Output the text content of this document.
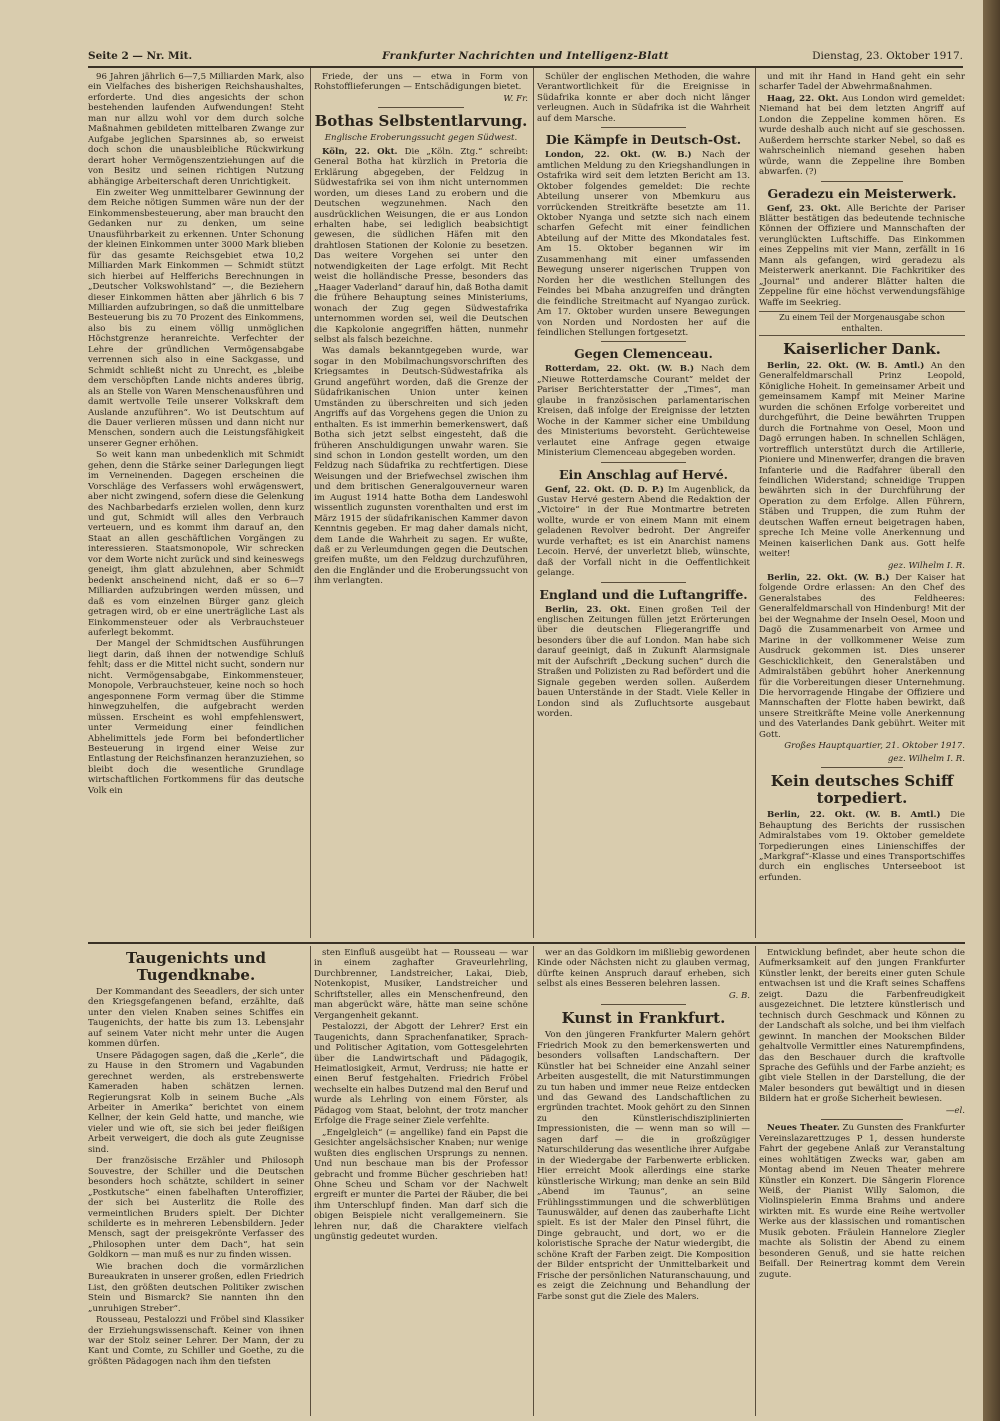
Seite 2 — Nr. Mit.	Frankfurter Nachrichten und Intelligenz-Blatt	Dienstag, 23. Oktober 1917.

96 Jahren jährlich 6—7,5 Milliarden Mark, also ein Vielfaches des bisherigen Reichshaushaltes, erforderte. Und dies angesichts der schon bestehenden laufenden Aufwendungen! Steht man nur allzu wohl vor dem durch solche Maßnahmen gebildeten mittelbaren Zwange zur Aufgabe jeglichen Sparsinnes ab, so erweist doch schon die unausbleibliche Rückwirkung derart hoher Vermögenszentziehungen auf die von Besitz und seinen richtigen Nutzung abhängige Arbeiterschaft deren Unrichtigkeit.

Ein zweiter Weg unmittelbarer Gewinnung der dem Reiche nötigen Summen wäre nun der der Einkommensbesteuerung, aber man braucht den Gedanken nur zu denken, um seine Unausführbarkeit zu erkennen. Unter Schonung der kleinen Einkommen unter 3000 Mark blieben für das gesamte Reichsgebiet etwa 10,2 Milliarden Mark Einkommen — Schmidt stützt sich hierbei auf Helfferichs Berechnungen in „Deutscher Volkswohlstand“ —, die Beziehern dieser Einkommen hätten aber jährlich 6 bis 7 Milliarden aufzubringen, so daß die unmittelbare Besteuerung bis zu 70 Prozent des Einkommens, also bis zu einem völlig unmöglichen Höchstgrenze heranreichte. Verfechter der Lehre der gründlichen Vermögensabgabe verrennen sich also in eine Sackgasse, und Schmidt schließt nicht zu Unrecht, es „bleibe dem verschöpften Lande nichts anderes übrig, als an Stelle von Waren Menschenausführen und damit wertvolle Teile unserer Volkskraft dem Auslande anzuführen“. Wo ist Deutschtum auf die Dauer verlieren müssen und dann nicht nur Menschen, sondern auch die Leistungsfähigkeit unserer Gegner erhöhen.

So weit kann man unbedenklich mit Schmidt gehen, denn die Stärke seiner Darlegungen liegt im Verneinenden. Dagegen erscheinen die Vorschläge des Verfassers wohl erwägenswert, aber nicht zwingend, sofern diese die Gelenkung des Nachbarbedarfs erzielen wollen, denn kurz und gut, Schmidt will alles den Verbrauch verteuern, und es kommt ihm darauf an, den Staat an allen geschäftlichen Vorgängen zu interessieren. Staatsmonopole, Wir schrecken vor dem Worte nicht zurück und sind keineswegs geneigt, ihm glatt abzulehnen, aber Schmidt bedenkt anscheinend nicht, daß er so 6—7 Milliarden aufzubringen werden müssen, und daß es vom einzelnen Bürger ganz gleich getragen wird, ob er eine unerträgliche Last als Einkommensteuer oder als Verbrauchsteuer auferlegt bekommt.

Der Mangel der Schmidtschen Ausführungen liegt darin, daß ihnen der notwendige Schluß fehlt; dass er die Mittel nicht sucht, sondern nur nicht. Vermögensabgabe, Einkommensteuer, Monopole, Verbrauchsteuer, keine noch so hoch angesponnene Form vermag über die Stimme hinwegzuhelfen, die aufgebracht werden müssen. Erscheint es wohl empfehlenswert, unter Vermeidung einer feindlichen Abhelimittels jede Form bei befondertlicher Besteuerung in irgend einer Weise zur Entlastung der Reichsfinanzen heranzuziehen, so bleibt doch die wesentliche Grundlage wirtschaftlichen Fortkommens für das deutsche Volk ein

Friede, der uns — etwa in Form von Rohstofflieferungen — Entschädigungen bietet.

W. Fr.
Bothas Selbstentlarvung.
Englische Eroberungssucht gegen Südwest.

Köln, 22. Okt. Die „Köln. Ztg.“ schreibt: General Botha hat kürzlich in Pretoria die Erklärung abgegeben, der Feldzug in Südwestafrika sei von ihm nicht unternommen worden, um dieses Land zu erobern und die Deutschen wegzunehmen. Nach den ausdrücklichen Weisungen, die er aus London erhalten habe, sei lediglich beabsichtigt gewesen, die südlichen Häfen mit den drahtlosen Stationen der Kolonie zu besetzen. Das weitere Vorgehen sei unter den notwendigkeiten der Lage erfolgt. Mit Recht weist die holländische Presse, besonders das „Haager Vaderland“ darauf hin, daß Botha damit die frühere Behauptung seines Ministeriums, wonach der Zug gegen Südwestafrika unternommen worden sei, weil die Deutschen die Kapkolonie angegriffen hätten, nunmehr selbst als falsch bezeichne.

Was damals bekanntgegeben wurde, war sogar in den Mobilmachungsvorschriften des Kriegsamtes in Deutsch-Südwestafrika als Grund angeführt worden, daß die Grenze der Südafrikanischen Union unter keinen Umständen zu überschreiten und sich jeden Angriffs auf das Vorgehens gegen die Union zu enthalten. Es ist immerhin bemerkenswert, daß Botha sich jetzt selbst eingesteht, daß die früheren Anschuldigungen unwahr waren. Sie sind schon in London gestellt worden, um den Feldzug nach Südafrika zu rechtfertigen. Diese Weisungen und der Briefwechsel zwischen ihm und dem britischen Generalgouverneur waren im August 1914 hatte Botha dem Landeswohl wissentlich zugunsten vorenthalten und erst im März 1915 der südafrikanischen Kammer davon Kenntnis gegeben. Er mag daher damals nicht, dem Lande die Wahrheit zu sagen. Er wußte, daß er zu Verleumdungen gegen die Deutschen greifen mußte, um den Feldzug durchzuführen, den die Engländer und die Eroberungssucht von ihm verlangten.

Schüler der englischen Methoden, die wahre Verantwortlichkeit für die Ereignisse in Südafrika konnte er aber doch nicht länger verleugnen. Auch in Südafrika ist die Wahrheit auf dem Marsche.

Die Kämpfe in Deutsch-Ost.

London, 22. Okt. (W. B.) Nach der amtlichen Meldung zu den Kriegshandlungen in Ostafrika wird seit dem letzten Bericht am 13. Oktober folgendes gemeldet: Die rechte Abteilung unserer von Mbemkuru aus vorrückenden Streitkräfte besetzte am 11. Oktober Nyanga und setzte sich nach einem scharfen Gefecht mit einer feindlichen Abteilung auf der Mitte des Mkondatales fest. Am 15. Oktober begannen wir im Zusammenhang mit einer umfassenden Bewegung unserer nigerischen Truppen von Norden her die westlichen Stellungen des Feindes bei Mbaha anzugreifen und drängten die feindliche Streitmacht auf Nyangao zurück. Am 17. Oktober wurden unsere Bewegungen von Norden und Nordosten her auf die feindlichen Stellungen fortgesetzt.

Gegen Clemenceau.

Rotterdam, 22. Okt. (W. B.) Nach dem „Nieuwe Rotterdamsche Courant“ meldet der Pariser Berichterstatter der „Times“, man glaube in französischen parlamentarischen Kreisen, daß infolge der Ereignisse der letzten Woche in der Kammer sicher eine Umbildung des Ministeriums bevorsteht. Gerüchteweise verlautet eine Anfrage gegen etwaige Ministerium Clemenceau abgegeben worden.

Ein Anschlag auf Hervé.

Genf, 22. Okt. (D. D. P.) Im Augenblick, da Gustav Hervé gestern Abend die Redaktion der „Victoire“ in der Rue Montmartre betreten wollte, wurde er von einem Mann mit einem geladenen Revolver bedroht. Der Angreifer wurde verhaftet; es ist ein Anarchist namens Lecoin. Hervé, der unverletzt blieb, wünschte, daß der Vorfall nicht in die Oeffentlichkeit gelange.

England und die Luftangriffe.

Berlin, 23. Okt. Einen großen Teil der englischen Zeitungen füllen jetzt Erörterungen über die deutschen Fliegerangriffe und besonders über die auf London. Man habe sich darauf geeinigt, daß in Zukunft Alarmsignale mit der Aufschrift „Deckung suchen“ durch die Straßen und Polizisten zu Rad befördert und die Signale gegeben werden sollen. Außerdem bauen Unterstände in der Stadt. Viele Keller in London sind als Zufluchtsorte ausgebaut worden.

und mit ihr Hand in Hand geht ein sehr scharfer Tadel der Abwehrmaßnahmen.

Haag, 22. Okt. Aus London wird gemeldet: Niemand hat bei dem letzten Angriff auf London die Zeppeline kommen hören. Es wurde deshalb auch nicht auf sie geschossen. Außerdem herrschte starker Nebel, so daß es wahrscheinlich niemand gesehen haben würde, wann die Zeppeline ihre Bomben abwarfen. (?)

Geradezu ein Meisterwerk.

Genf, 23. Okt. Alle Berichte der Pariser Blätter bestätigen das bedeutende technische Können der Offiziere und Mannschaften der verunglückten Luftschiffe. Das Einkommen eines Zeppelins mit vier Mann, zerfällt in 16 Mann als gefangen, wird geradezu als Meisterwerk anerkannt. Die Fachkritiker des „Journal“ und anderer Blätter halten die Zeppeline für eine höchst verwendungsfähige Waffe im Seekrieg.

Zu einem Teil der Morgenausgabe schon enthalten.
Kaiserlicher Dank.

Berlin, 22. Okt. (W. B. Amtl.) An den Generalfeldmarschall Prinz Leopold, Königliche Hoheit. In gemeinsamer Arbeit und gemeinsamem Kampf mit Meiner Marine wurden die schönen Erfolge vorbereitet und durchgeführt, die Deine bewährten Truppen durch die Fortnahme von Oesel, Moon und Dagö errungen haben. In schnellen Schlägen, vortrefflich unterstützt durch die Artillerie, Pioniere und Minenwerfer, drangen die braven Infanterie und die Radfahrer überall den feindlichen Widerstand; schneidige Truppen bewährten sich in der Durchführung der Operation zu dem Erfolge. Allen Führern, Stäben und Truppen, die zum Ruhm der deutschen Waffen erneut beigetragen haben, spreche Ich Meine volle Anerkennung und Meinen kaiserlichen Dank aus. Gott helfe weiter!

gez. Wilhelm I. R.

Berlin, 22. Okt. (W. B.) Der Kaiser hat folgende Ordre erlassen: An den Chef des Generalstabes des Feldheeres: Generalfeldmarschall von Hindenburg! Mit der bei der Wegnahme der Inseln Oesel, Moon und Dagö die Zusammenarbeit von Armee und Marine in der vollkommener Weise zum Ausdruck gekommen ist. Dies unserer Geschicklichkeit, den Generalstäben und Admiralstäben gebührt hoher Anerkennung für die Vorbereitungen dieser Unternehmung. Die hervorragende Hingabe der Offiziere und Mannschaften der Flotte haben bewirkt, daß unsere Streitkräfte Meine volle Anerkennung und des Vaterlandes Dank gebührt. Weiter mit Gott.

Großes Hauptquartier, 21. Oktober 1917.
gez. Wilhelm I. R.
Kein deutsches Schiff torpediert.

Berlin, 22. Okt. (W. B. Amtl.) Die Behauptung des Berichts der russischen Admiralstabes vom 19. Oktober gemeldete Torpedierungen eines Linienschiffes der „Markgraf“-Klasse und eines Transportschiffes durch ein englisches Unterseeboot ist erfunden.

Taugenichts und Tugendknabe.

Der Kommandant des Seeadlers, der sich unter den Kriegsgefangenen befand, erzählte, daß unter den vielen Knaben seines Schiffes ein Taugenichts, der hatte bis zum 13. Lebensjahr auf seinem Vater nicht mehr unter die Augen kommen dürfen.

Unsere Pädagogen sagen, daß die „Kerle“, die zu Hause in den Stromern und Vagabunden gerechnet werden, als erstrebenswerte Kameraden haben schätzen lernen. Regierungsrat Kolb in seinem Buche „Als Arbeiter in Amerika“ berichtet von einem Kellner, der kein Geld hatte, und manche, wie vieler und wie oft, sie sich bei jeder fleißigen Arbeit verweigert, die doch als gute Zeugnisse sind.

Der französische Erzähler und Philosoph Souvestre, der Schiller und die Deutschen besonders hoch schätzte, schildert in seiner „Postkutsche“ einen fabelhaften Unteroffizier, der sich bei Austerlitz die Rolle des vermeintlichen Bruders spielt. Der Dichter schilderte es in mehreren Lebensbildern. Jeder Mensch, sagt der preisgekrönte Verfasser des „Philosophen unter dem Dach“, hat sein Goldkorn — man muß es nur zu finden wissen.

Wie brachen doch die vormärzlichen Bureaukraten in unserer großen, edlen Friedrich List, den größten deutschen Politiker zwischen Stein und Bismarck? Sie nannten ihn den „unruhigen Streber“.

Rousseau, Pestalozzi und Fröbel sind Klassiker der Erziehungswissenschaft. Keiner von ihnen war der Stolz seiner Lehrer. Der Mann, der zu Kant und Comte, zu Schiller und Goethe, zu die größten Pädagogen nach ihm den tiefsten

sten Einfluß ausgeübt hat — Rousseau — war in einem zaghafter Graveurlehrling, Durchbrenner, Landstreicher, Lakai, Dieb, Notenkopist, Musiker, Landstreicher und Schriftsteller, alles ein Menschenfreund, den man abgerückt wäre, hätte man seine schöne Vergangenheit gekannt.

Pestalozzi, der Abgott der Lehrer? Erst ein Taugenichts, dann Sprachenfanatiker, Sprach- und Politischer Agitation, vom Gottesgelehrten über die Landwirtschaft und Pädagogik, Heimatlosigkeit, Armut, Verdruss; nie hatte er einen Beruf festgehalten. Friedrich Fröbel wechselte ein halbes Dutzend mal den Beruf und wurde als Lehrling von einem Förster, als Pädagog vom Staat, belohnt, der trotz mancher Erfolge die Frage seiner Ziele verfehlte.

„Engelgleich“ (= angellike) fand ein Papst die Gesichter angelsächsischer Knaben; nur wenige wußten dies englischen Ursprungs zu nennen. Und nun beschaue man bis der Professor gebracht und fromme Bücher geschrieben hat! Ohne Scheu und Scham vor der Nachwelt ergreift er munter die Partei der Räuber, die bei ihm Unterschlupf finden. Man darf sich die obigen Beispiele nicht verallgemeinern. Sie lehren nur, daß die Charaktere vielfach ungünstig gedeutet wurden.

wer an das Goldkorn im mißliebig gewordenen Kinde oder Nächsten nicht zu glauben vermag, dürfte keinen Anspruch darauf erheben, sich selbst als eines Besseren belehren lassen.

G. B.
Kunst in Frankfurt.

Von den jüngeren Frankfurter Malern gehört Friedrich Mook zu den bemerkenswerten und besonders vollsaften Landschaftern. Der Künstler hat bei Schneider eine Anzahl seiner Arbeiten ausgestellt, die mit Naturstimmungen zu tun haben und immer neue Reize entdecken und das Gewand des Landschaftlichen zu ergründen trachtet. Mook gehört zu den Sinnen zu den Künstlerischdisziplinierten Impressionisten, die — wenn man so will — sagen darf — die in großzügiger Naturschilderung das wesentliche ihrer Aufgabe in der Wiedergabe der Farbenwerte erblicken. Hier erreicht Mook allerdings eine starke künstlerische Wirkung; man denke an sein Bild „Abend im Taunus“, an seine Frühlingsstimmungen und die schwerblütigen Taunuswälder, auf denen das zauberhafte Licht spielt. Es ist der Maler den Pinsel führt, die Dinge gebraucht, und dort, wo er die koloristische Sprache der Natur wiedergibt, die schöne Kraft der Farben zeigt. Die Komposition der Bilder entspricht der Unmittelbarkeit und Frische der persönlichen Naturanschauung, und es zeigt die Zeichnung und Behandlung der Farbe sonst gut die Ziele des Malers.

Entwicklung befindet, aber heute schon die Aufmerksamkeit auf den jungen Frankfurter Künstler lenkt, der bereits einer guten Schule entwachsen ist und die Kraft seines Schaffens zeigt. Dazu die Farbenfreudigkeit ausgezeichnet. Die letztere künstlerisch und technisch durch Geschmack und Können zu der Landschaft als solche, und bei ihm vielfach gewinnt. In manchen der Mookschen Bilder gehaltvolle Vermittler eines Naturempfindens, das den Beschauer durch die kraftvolle Sprache des Gefühls und der Farbe anzieht; es gibt viele Stellen in der Darstellung, die der Maler besonders gut bewältigt und in diesen Bildern hat er große Sicherheit bewiesen.

—el.

Neues Theater. Zu Gunsten des Frankfurter Vereinslazarettzuges P 1, dessen hunderste Fahrt der gegebene Anlaß zur Veranstaltung eines wohltätigen Zwecks war, gaben am Montag abend im Neuen Theater mehrere Künstler ein Konzert. Die Sängerin Florence Weiß, der Pianist Willy Salomon, die Violinspielerin Emma Brahms und andere wirkten mit. Es wurde eine Reihe wertvoller Werke aus der klassischen und romantischen Musik geboten. Fräulein Hannelore Ziegler machte als Solistin der Abend zu einem besonderen Genuß, und sie hatte reichen Beifall. Der Reinertrag kommt dem Verein zugute.
